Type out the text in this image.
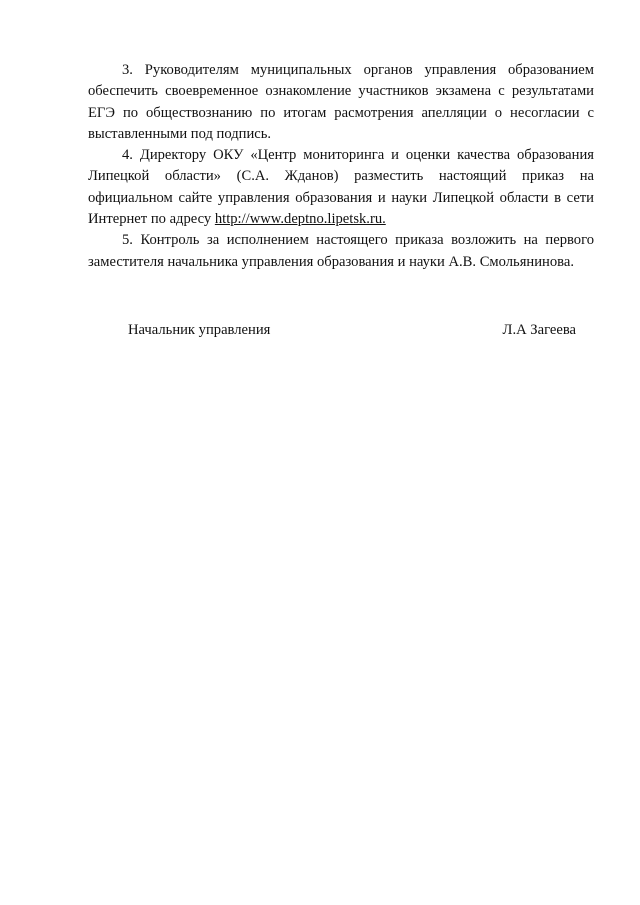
3. Руководителям муниципальных органов управления образованием обеспечить своевременное ознакомление участников экзамена с результатами ЕГЭ по обществознанию по итогам расмотрения апелляции о несогласии с выставленными под подпись.

4. Директору ОКУ «Центр мониторинга и оценки качества образования Липецкой области» (С.А. Жданов) разместить настоящий приказ на официальном сайте управления образования и науки Липецкой области в сети Интернет по адресу http://www.deptno.lipetsk.ru.

5. Контроль за исполнением настоящего приказа возложить на первого заместителя начальника управления образования и науки А.В. Смольянинова.

Начальник управления	Л.А Загеева
